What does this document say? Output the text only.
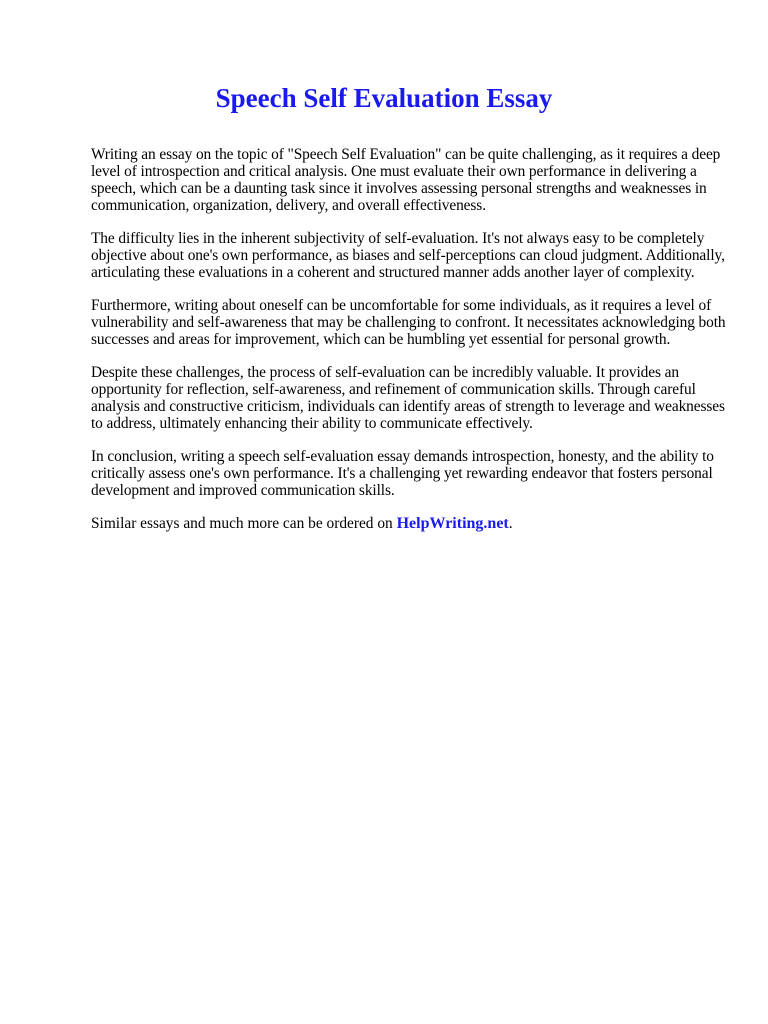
Speech Self Evaluation Essay

Writing an essay on the topic of "Speech Self Evaluation" can be quite challenging, as it requires a deep level of introspection and critical analysis. One must evaluate their own performance in delivering a speech, which can be a daunting task since it involves assessing personal strengths and weaknesses in communication, organization, delivery, and overall effectiveness.

The difficulty lies in the inherent subjectivity of self-evaluation. It's not always easy to be completely objective about one's own performance, as biases and self-perceptions can cloud judgment. Additionally, articulating these evaluations in a coherent and structured manner adds another layer of complexity.

Furthermore, writing about oneself can be uncomfortable for some individuals, as it requires a level of vulnerability and self-awareness that may be challenging to confront. It necessitates acknowledging both successes and areas for improvement, which can be humbling yet essential for personal growth.

Despite these challenges, the process of self-evaluation can be incredibly valuable. It provides an opportunity for reflection, self-awareness, and refinement of communication skills. Through careful analysis and constructive criticism, individuals can identify areas of strength to leverage and weaknesses to address, ultimately enhancing their ability to communicate effectively.

In conclusion, writing a speech self-evaluation essay demands introspection, honesty, and the ability to critically assess one's own performance. It's a challenging yet rewarding endeavor that fosters personal development and improved communication skills.

Similar essays and much more can be ordered on HelpWriting.net.
